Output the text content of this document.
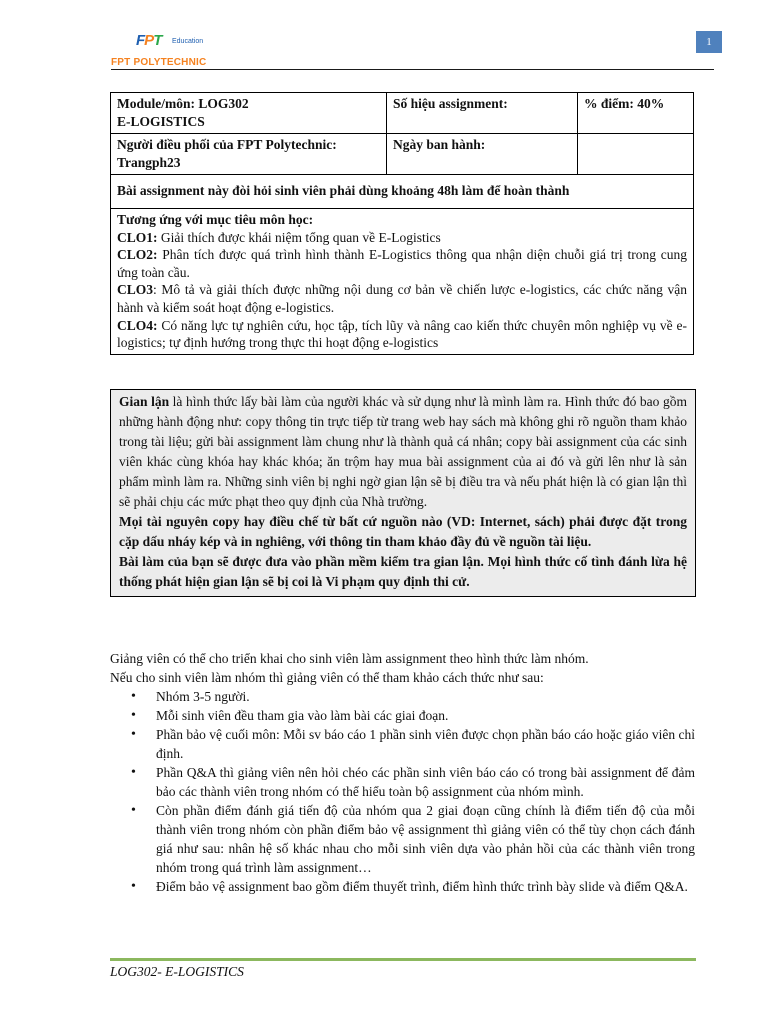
FPT Education
FPT POLYTECHNIC
1
Module/môn: LOG302
E-LOGISTICS	Số hiệu assignment:	% điểm: 40%

Người điều phối của FPT Polytechnic:
Trangph23	Ngày ban hành:	
Bài assignment này đòi hỏi sinh viên phải dùng khoảng 48h làm để hoàn thành		

Tương ứng với mục tiêu môn học:
CLO1: Giải thích được khái niệm tổng quan về E-Logistics
CLO2: Phân tích được quá trình hình thành E-Logistics thông qua nhận diện chuỗi giá trị trong cung ứng toàn cầu.
CLO3: Mô tả và giải thích được những nội dung cơ bản về chiến lược e-logistics, các chức năng vận hành và kiểm soát hoạt động e-logistics.
CLO4: Có năng lực tự nghiên cứu, học tập, tích lũy và nâng cao kiến thức chuyên môn nghiệp vụ về e-logistics; tự định hướng trong thực thi hoạt động e-logistics		

Gian lận là hình thức lấy bài làm của người khác và sử dụng như là mình làm ra. Hình thức đó bao gồm những hành động như: copy thông tin trực tiếp từ trang web hay sách mà không ghi rõ nguồn tham khảo trong tài liệu; gửi bài assignment làm chung như là thành quả cá nhân; copy bài assignment của các sinh viên khác cùng khóa hay khác khóa; ăn trộm hay mua bài assignment của ai đó và gửi lên như là sản phẩm mình làm ra. Những sinh viên bị nghi ngờ gian lận sẽ bị điều tra và nếu phát hiện là có gian lận thì sẽ phải chịu các mức phạt theo quy định của Nhà trường.

Mọi tài nguyên copy hay điều chế từ bất cứ nguồn nào (VD: Internet, sách) phải được đặt trong cặp dấu nháy kép và in nghiêng, với thông tin tham khảo đầy đủ về nguồn tài liệu.

Bài làm của bạn sẽ được đưa vào phần mềm kiểm tra gian lận. Mọi hình thức cố tình đánh lừa hệ thống phát hiện gian lận sẽ bị coi là Vi phạm quy định thi cử.

Giảng viên có thể cho triển khai cho sinh viên làm assignment theo hình thức làm nhóm.

Nếu cho sinh viên làm nhóm thì giảng viên có thể tham khảo cách thức như sau:

• Nhóm 3-5 người.
• Mỗi sinh viên đều tham gia vào làm bài các giai đoạn.
• Phần bảo vệ cuối môn: Mỗi sv báo cáo 1 phần sinh viên được chọn phần báo cáo hoặc giáo viên chỉ định.
• Phần Q&A thì giảng viên nên hỏi chéo các phần sinh viên báo cáo có trong bài assignment để đảm bảo các thành viên trong nhóm có thể hiểu toàn bộ assignment của nhóm mình.
• Còn phần điểm đánh giá tiến độ của nhóm qua 2 giai đoạn cũng chính là điểm tiến độ của mỗi thành viên trong nhóm còn phần điểm bảo vệ assignment thì giảng viên có thể tùy chọn cách đánh giá như sau: nhân hệ số khác nhau cho mỗi sinh viên dựa vào phản hồi của các thành viên trong nhóm trong quá trình làm assignment…
• Điểm bảo vệ assignment bao gồm điểm thuyết trình, điểm hình thức trình bày slide và điểm Q&A.
LOG302- E-LOGISTICS
